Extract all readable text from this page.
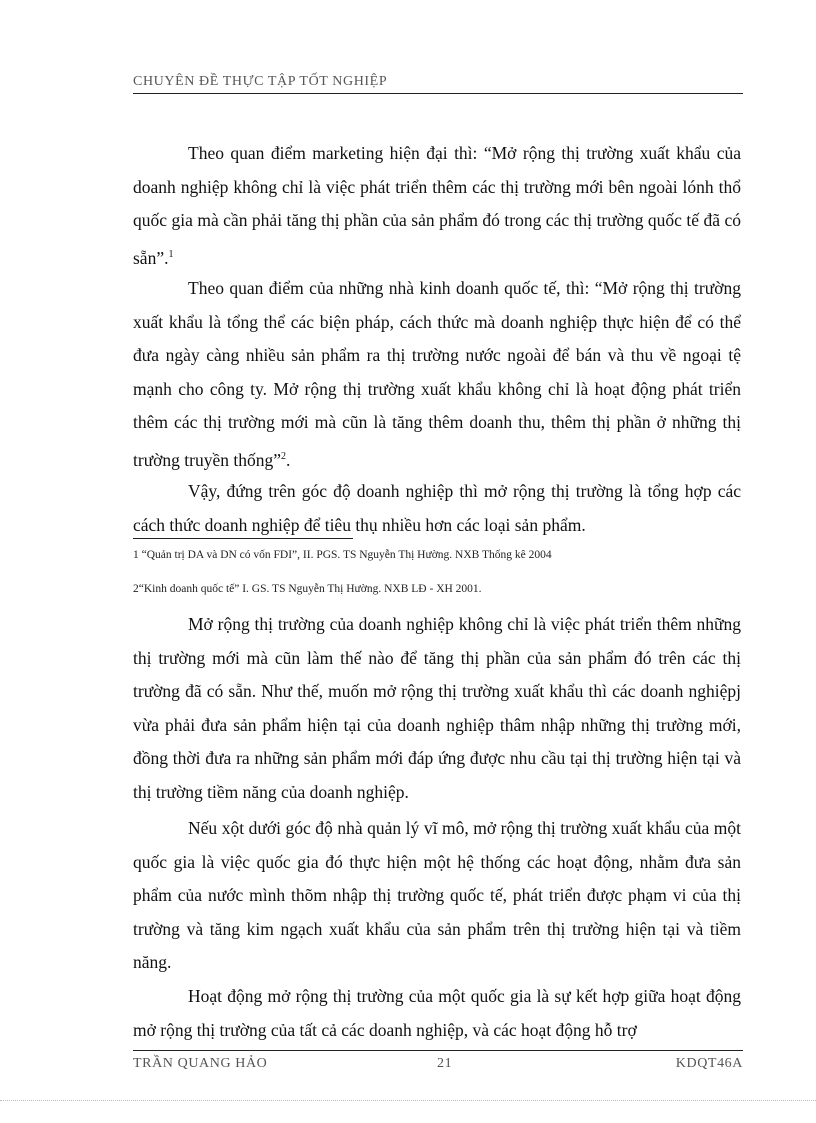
CHUYÊN ĐỀ THỰC TẬP TỐT NGHIỆP

Theo quan điểm marketing hiện đại thì: “Mở rộng thị trường xuất khẩu của doanh nghiệp không chỉ là việc phát triển thêm các thị trường mới bên ngoài lónh thổ quốc gia mà cần phải tăng thị phần của sản phẩm đó trong các thị trường quốc tế đã có sẵn”.$^1$

Theo quan điểm của những nhà kinh doanh quốc tế, thì: “Mở rộng thị trường xuất khẩu là tổng thể các biện pháp, cách thức mà doanh nghiệp thực hiện để có thể đưa ngày càng nhiều sản phẩm ra thị trường nước ngoài để bán và thu về ngoại tệ mạnh cho công ty. Mở rộng thị trường xuất khẩu không chỉ là hoạt động phát triển thêm các thị trường mới mà cũn là tăng thêm doanh thu, thêm thị phần ở những thị trường truyền thống”$^2$.

Vậy, đứng trên góc độ doanh nghiệp thì mở rộng thị trường là tổng hợp các cách thức doanh nghiệp để tiêu thụ nhiều hơn các loại sản phẩm.

1 “Quản trị DA và DN có vốn FDI”, II. PGS. TS Nguyễn Thị Hường. NXB Thống kê 2004
2“Kinh doanh quốc tế” I. GS. TS Nguyễn Thị Hường. NXB LĐ - XH 2001.

Mở rộng thị trường của doanh nghiệp không chỉ là việc phát triển thêm những thị trường mới mà cũn làm thế nào để tăng thị phần của sản phẩm đó trên các thị trường đã có sẵn. Như thế, muốn mở rộng thị trường xuất khẩu thì các doanh nghiệpj vừa phải đưa sản phẩm hiện tại của doanh nghiệp thâm nhập những thị trường mới, đồng thời đưa ra những sản phẩm mới đáp ứng được nhu cầu tại thị trường hiện tại và thị trường tiềm năng của doanh nghiệp.

Nếu xột dưới góc độ nhà quản lý vĩ mô, mở rộng thị trường xuất khẩu của một quốc gia là việc quốc gia đó thực hiện một hệ thống các hoạt động, nhằm đưa sản phẩm của nước mình thõm nhập thị trường quốc tế, phát triển được phạm vi của thị trường và tăng kim ngạch xuất khẩu của sản phẩm trên thị trường hiện tại và tiềm năng.

Hoạt động mở rộng thị trường của một quốc gia là sự kết hợp giữa hoạt động mở rộng thị trường của tất cả các doanh nghiệp, và các hoạt động hỗ trợ

TRẦN QUANG HẢO	21	KDQT46A
